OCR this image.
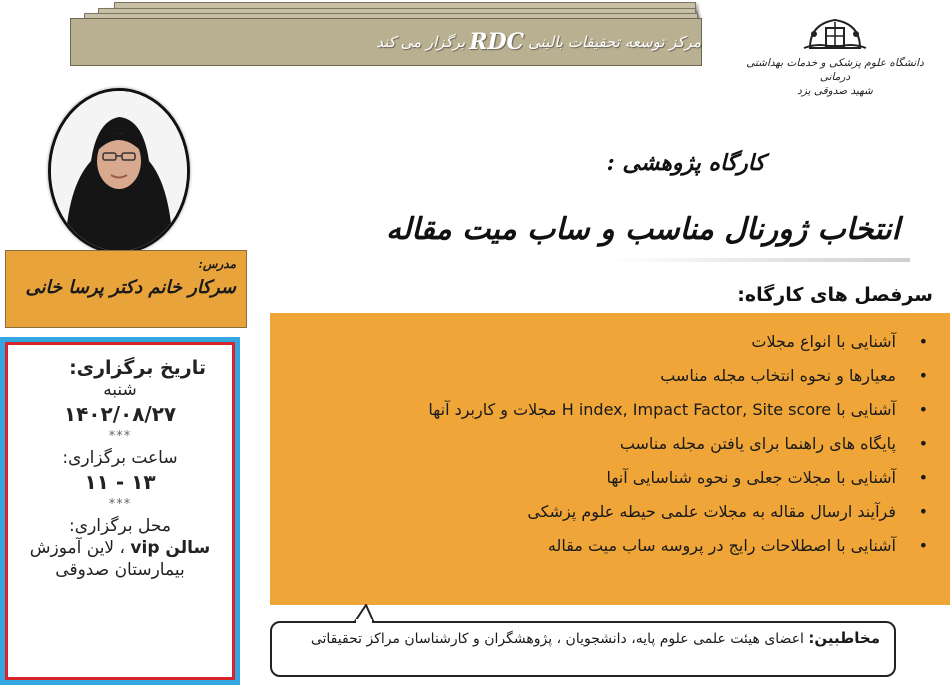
مرکز توسعه تحقیقات بالینی
RDC
برگزار می کند
دانشگاه علوم پزشکی و خدمات بهداشتی درمانی
شهید صدوقی یزد
کارگاه پژوهشی :
انتخاب ژورنال مناسب و ساب میت مقاله
مدرس:
سرکار خانم دکتر پرسا خانی
تاریخ برگزاری:
شنبه
۱۴۰۲/۰۸/۲۷
***
ساعت برگزاری:
۱۳ - ۱۱
***
محل برگزاری:
سالن vip ، لاین آموزش
بیمارستان صدوقی
سرفصل های کارگاه:
• آشنایی با انواع مجلات
• معیارها و نحوه انتخاب مجله مناسب
• آشنایی با H index, Impact Factor, Site score مجلات و کاربرد آنها
• پایگاه های راهنما برای یافتن مجله مناسب
• آشنایی با مجلات جعلی و نحوه شناسایی آنها
• فرآیند ارسال مقاله به مجلات علمی حیطه علوم پزشکی
• آشنایی با اصطلاحات رایج در پروسه ساب میت مقاله
مخاطبین: اعضای هیئت علمی علوم پایه، دانشجویان ، پژوهشگران و کارشناسان مراکز تحقیقاتی
